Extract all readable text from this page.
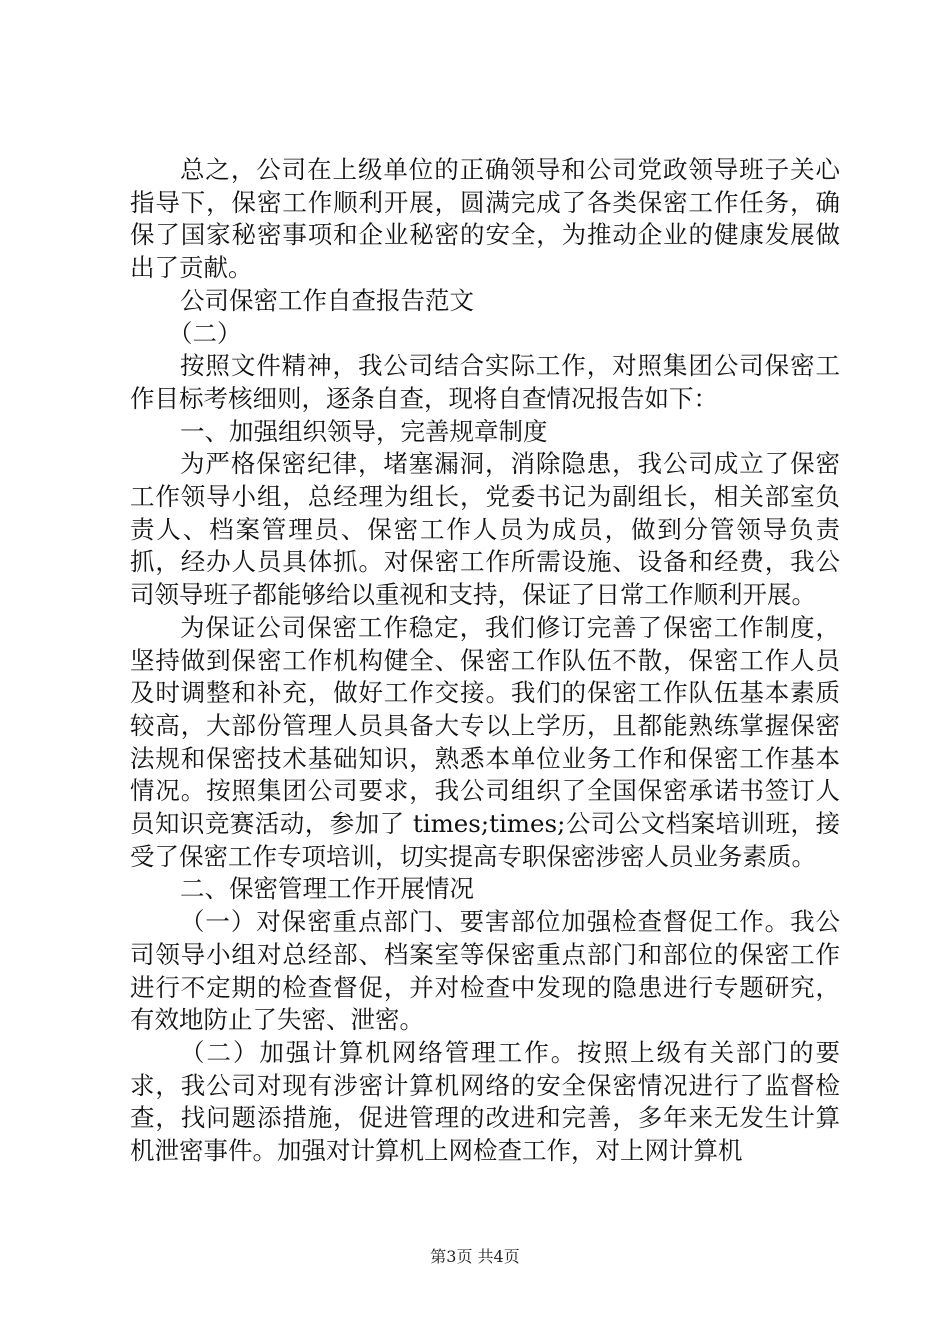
总之，公司在上级单位的正确领导和公司党政领导班子关心指导下，保密工作顺利开展，圆满完成了各类保密工作任务，确保了国家秘密事项和企业秘密的安全，为推动企业的健康发展做出了贡献。

公司保密工作自查报告范文

（二）

按照文件精神，我公司结合实际工作，对照集团公司保密工作目标考核细则，逐条自查，现将自查情况报告如下：

一、加强组织领导，完善规章制度

为严格保密纪律，堵塞漏洞，消除隐患，我公司成立了保密工作领导小组，总经理为组长，党委书记为副组长，相关部室负责人、档案管理员、保密工作人员为成员，做到分管领导负责抓，经办人员具体抓。对保密工作所需设施、设备和经费，我公司领导班子都能够给以重视和支持，保证了日常工作顺利开展。

为保证公司保密工作稳定，我们修订完善了保密工作制度，坚持做到保密工作机构健全、保密工作队伍不散，保密工作人员及时调整和补充，做好工作交接。我们的保密工作队伍基本素质较高，大部份管理人员具备大专以上学历，且都能熟练掌握保密法规和保密技术基础知识，熟悉本单位业务工作和保密工作基本情况。按照集团公司要求，我公司组织了全国保密承诺书签订人员知识竞赛活动，参加了 times;times;公司公文档案培训班，接受了保密工作专项培训，切实提高专职保密涉密人员业务素质。

二、保密管理工作开展情况

（一）对保密重点部门、要害部位加强检查督促工作。我公司领导小组对总经部、档案室等保密重点部门和部位的保密工作进行不定期的检查督促，并对检查中发现的隐患进行专题研究，有效地防止了失密、泄密。

（二）加强计算机网络管理工作。按照上级有关部门的要求，我公司对现有涉密计算机网络的安全保密情况进行了监督检查，找问题添措施，促进管理的改进和完善，多年来无发生计算机泄密事件。加强对计算机上网检查工作，对上网计算机

第3页 共4页
